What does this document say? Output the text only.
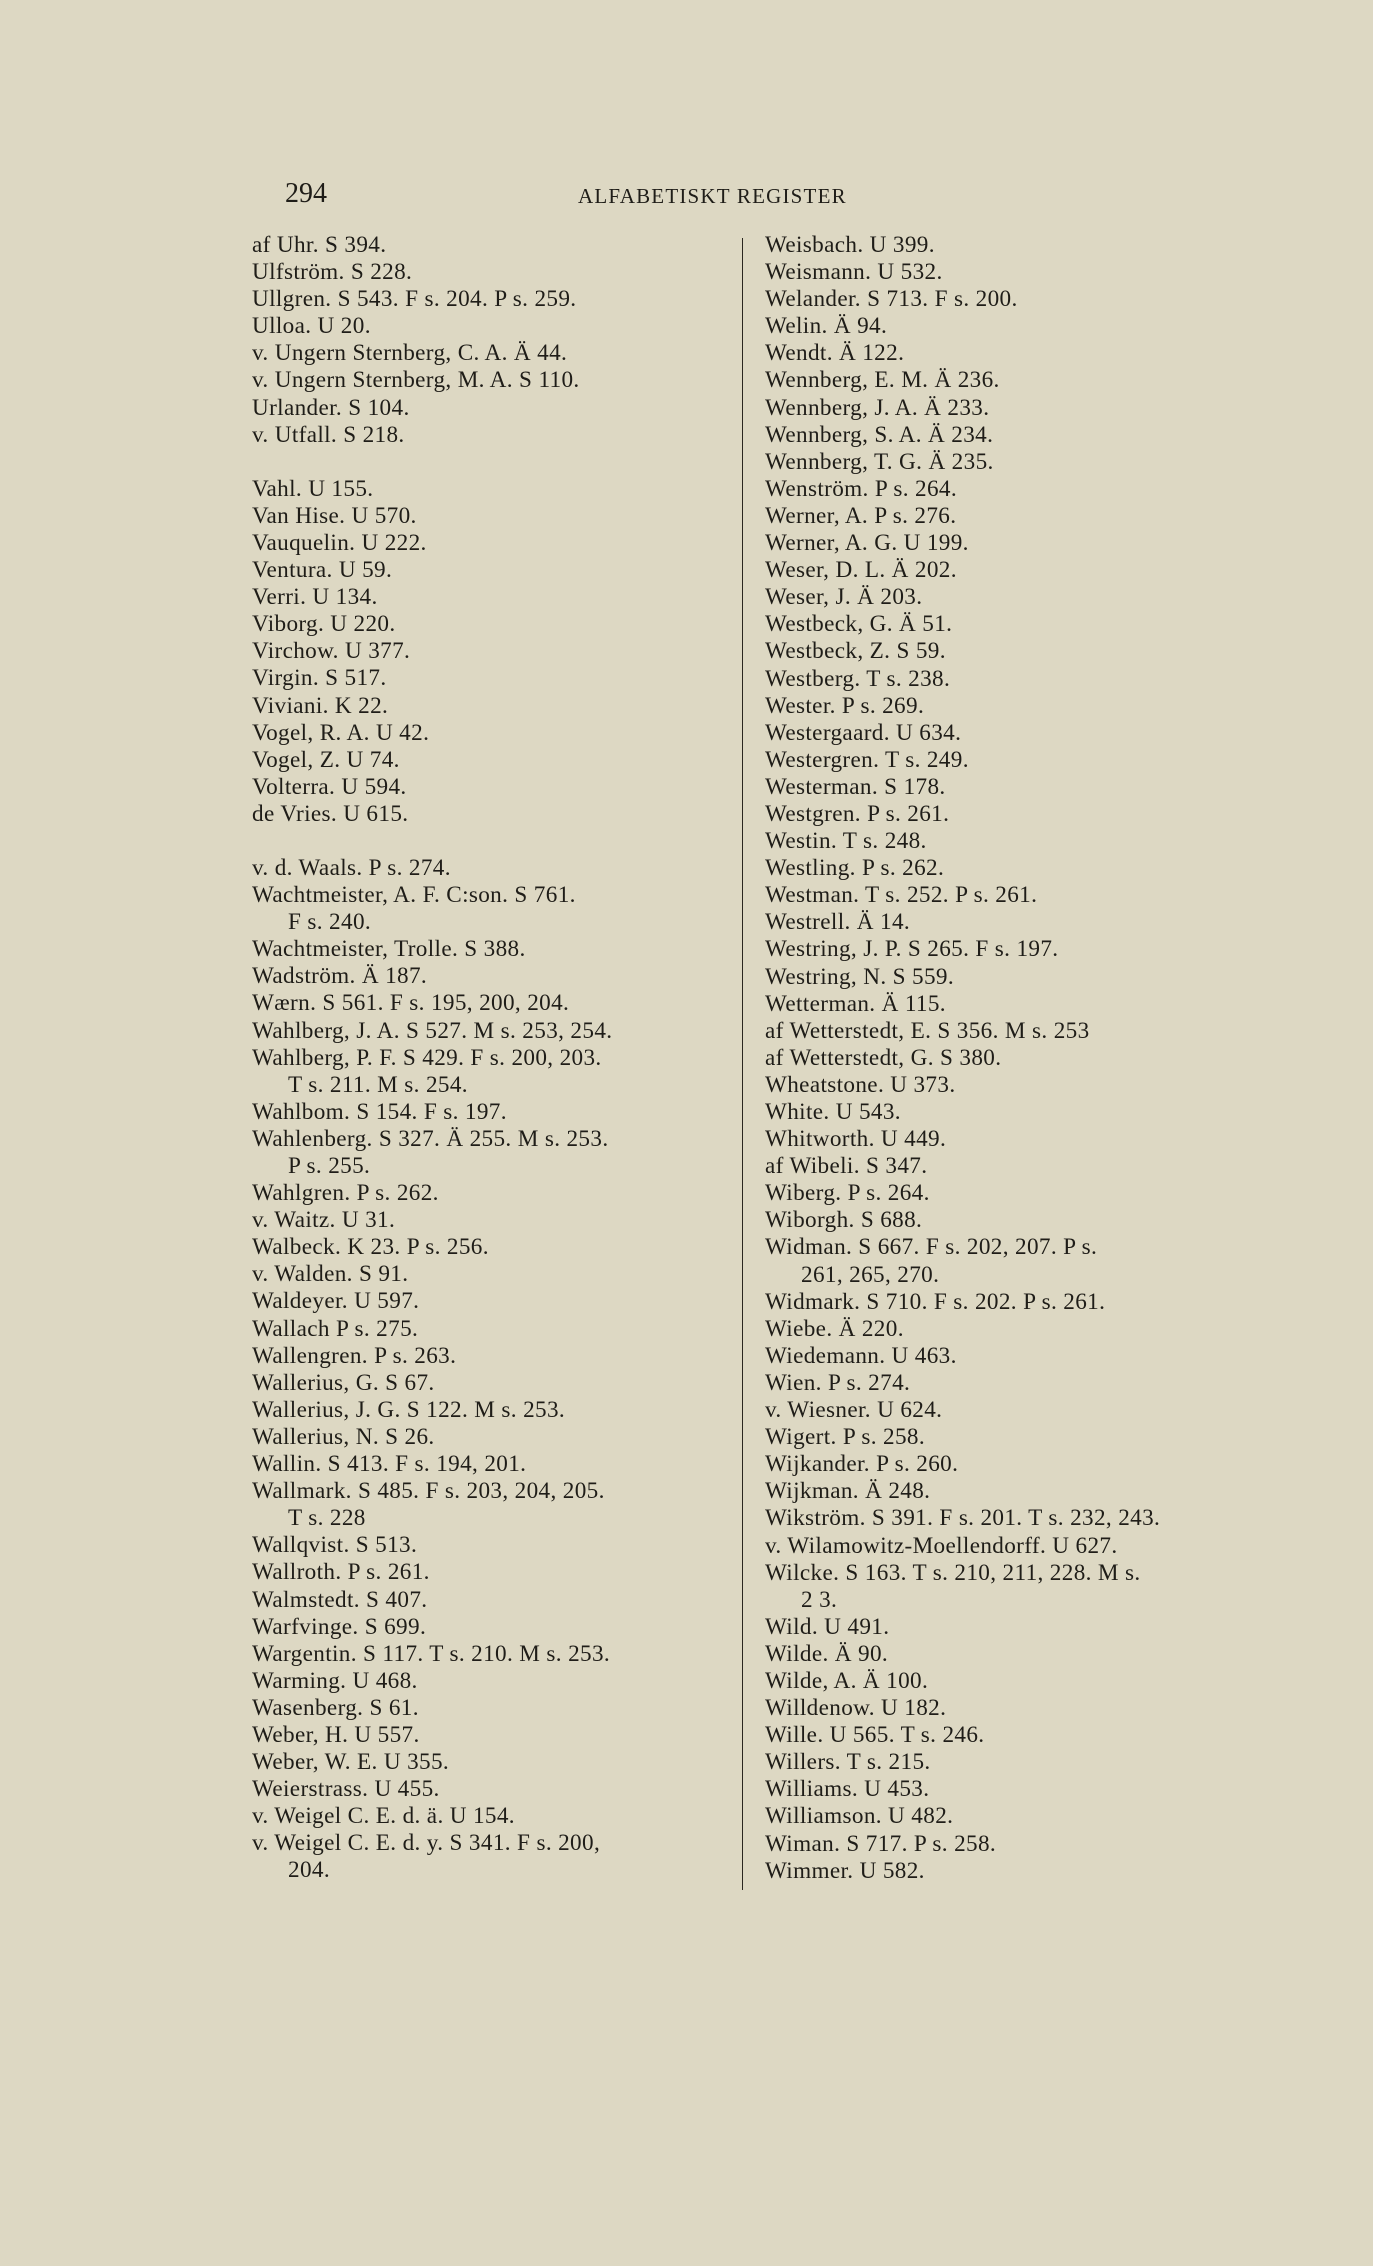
294	ALFABETISKT REGISTER
af Uhr. S 394.
Ulfström. S 228.
Ullgren. S 543. F s. 204. P s. 259.
Ulloa. U 20.
v. Ungern Sternberg, C. A. Ä 44.
v. Ungern Sternberg, M. A. S 110.
Urlander. S 104.
v. Utfall. S 218.
Vahl. U 155.
Van Hise. U 570.
Vauquelin. U 222.
Ventura. U 59.
Verri. U 134.
Viborg. U 220.
Virchow. U 377.
Virgin. S 517.
Viviani. K 22.
Vogel, R. A. U 42.
Vogel, Z. U 74.
Volterra. U 594.
de Vries. U 615.
v. d. Waals. P s. 274.
Wachtmeister, A. F. C:son. S 761.
F s. 240.
Wachtmeister, Trolle. S 388.
Wadström. Ä 187.
Wærn. S 561. F s. 195, 200, 204.
Wahlberg, J. A. S 527. M s. 253, 254.
Wahlberg, P. F. S 429. F s. 200, 203.
T s. 211. M s. 254.
Wahlbom. S 154. F s. 197.
Wahlenberg. S 327. Ä 255. M s. 253.
P s. 255.
Wahlgren. P s. 262.
v. Waitz. U 31.
Walbeck. K 23. P s. 256.
v. Walden. S 91.
Waldeyer. U 597.
Wallach P s. 275.
Wallengren. P s. 263.
Wallerius, G. S 67.
Wallerius, J. G. S 122. M s. 253.
Wallerius, N. S 26.
Wallin. S 413. F s. 194, 201.
Wallmark. S 485. F s. 203, 204, 205.
T s. 228
Wallqvist. S 513.
Wallroth. P s. 261.
Walmstedt. S 407.
Warfvinge. S 699.
Wargentin. S 117. T s. 210. M s. 253.
Warming. U 468.
Wasenberg. S 61.
Weber, H. U 557.
Weber, W. E. U 355.
Weierstrass. U 455.
v. Weigel C. E. d. ä. U 154.
v. Weigel C. E. d. y. S 341. F s. 200,
204.
Weisbach. U 399.
Weismann. U 532.
Welander. S 713. F s. 200.
Welin. Ä 94.
Wendt. Ä 122.
Wennberg, E. M. Ä 236.
Wennberg, J. A. Ä 233.
Wennberg, S. A. Ä 234.
Wennberg, T. G. Ä 235.
Wenström. P s. 264.
Werner, A. P s. 276.
Werner, A. G. U 199.
Weser, D. L. Ä 202.
Weser, J. Ä 203.
Westbeck, G. Ä 51.
Westbeck, Z. S 59.
Westberg. T s. 238.
Wester. P s. 269.
Westergaard. U 634.
Westergren. T s. 249.
Westerman. S 178.
Westgren. P s. 261.
Westin. T s. 248.
Westling. P s. 262.
Westman. T s. 252. P s. 261.
Westrell. Ä 14.
Westring, J. P. S 265. F s. 197.
Westring, N. S 559.
Wetterman. Ä 115.
af Wetterstedt, E. S 356. M s. 253
af Wetterstedt, G. S 380.
Wheatstone. U 373.
White. U 543.
Whitworth. U 449.
af Wibeli. S 347.
Wiberg. P s. 264.
Wiborgh. S 688.
Widman. S 667. F s. 202, 207. P s.
261, 265, 270.
Widmark. S 710. F s. 202. P s. 261.
Wiebe. Ä 220.
Wiedemann. U 463.
Wien. P s. 274.
v. Wiesner. U 624.
Wigert. P s. 258.
Wijkander. P s. 260.
Wijkman. Ä 248.
Wikström. S 391. F s. 201. T s. 232, 243.
v. Wilamowitz-Moellendorff. U 627.
Wilcke. S 163. T s. 210, 211, 228. M s.
2 3.
Wild. U 491.
Wilde. Ä 90.
Wilde, A. Ä 100.
Willdenow. U 182.
Wille. U 565. T s. 246.
Willers. T s. 215.
Williams. U 453.
Williamson. U 482.
Wiman. S 717. P s. 258.
Wimmer. U 582.
